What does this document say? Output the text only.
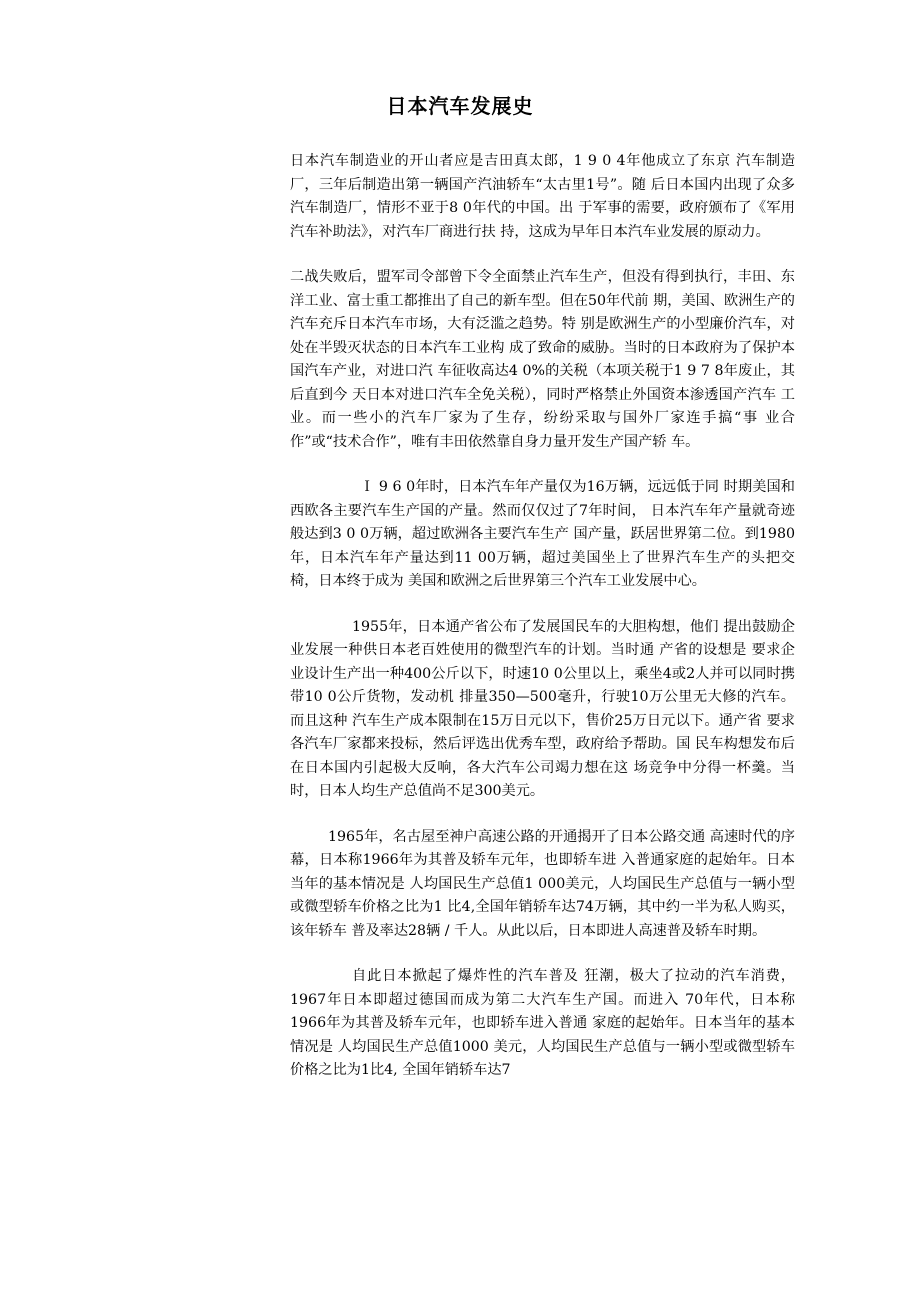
日本汽车发展史

日本汽车制造业的开山者应是吉田真太郎，1 9 0 4年他成立了东京 汽车制造厂，三年后制造出第一辆国产汽油轿车“太古里1号”。随 后日本国内出现了众多汽车制造厂，情形不亚于8 0年代的中国。出 于军事的需要，政府颁布了《军用汽车补助法》，对汽车厂商进行扶 持，这成为早年日本汽车业发展的原动力。

二战失败后，盟军司令部曾下令全面禁止汽车生产，但没有得到执行，丰田、东洋工业、富士重工都推出了自己的新车型。但在50年代前 期，美国、欧洲生产的汽车充斥日本汽车市场，大有泛滥之趋势。特 别是欧洲生产的小型廉价汽车，对处在半毁灭状态的日本汽车工业构 成了致命的威胁。当时的日本政府为了保护本国汽车产业，对进口汽 车征收高达4 0%的关税（本项关税于1 9 7 8年废止，其后直到今 天日本对进口汽车全免关税），同时严格禁止外国资本渗透国产汽车 工业。而一些小的汽车厂家为了生存，纷纷采取与国外厂家连手搞“事 业合作”或“技术合作”，唯有丰田依然靠自身力量开发生产国产轿 车。

Ｉ 9 6 0年时，日本汽车年产量仅为16万辆，远远低于同 时期美国和西欧各主要汽车生产国的产量。然而仅仅过了7年时间， 日本汽车年产量就奇迹般达到3 0 0万辆，超过欧洲各主要汽车生产 国产量，跃居世界第二位。到1980年，日本汽车年产量达到11 00万辆，超过美国坐上了世界汽车生产的头把交椅，日本终于成为 美国和欧洲之后世界第三个汽车工业发展中心。

1955年，日本通产省公布了发展国民车的大胆构想，他们 提出鼓励企业发展一种供日本老百姓使用的微型汽车的计划。当时通 产省的设想是 要求企业设计生产出一种400公斤以下，时速10 0公里以上，乘坐4或2人并可以同时携带10 0公斤货物，发动机 排量350—500毫升，行驶10万公里无大修的汽车。而且这种 汽车生产成本限制在15万日元以下，售价25万日元以下。通产省 要求各汽车厂家都来投标，然后评选出优秀车型，政府给予帮助。国 民车构想发布后在日本国内引起极大反响，各大汽车公司竭力想在这 场竞争中分得一杯羹。当时，日本人均生产总值尚不足300美元。

1965年，名古屋至神户高速公路的开通揭开了日本公路交通 高速时代的序幕，日本称1966年为其普及轿车元年，也即轿车进 入普通家庭的起始年。日本当年的基本情况是 人均国民生产总值1 000美元，人均国民生产总值与一辆小型或微型轿车价格之比为1 比4,全国年销轿车达74万辆，其中约一半为私人购买，该年轿车 普及率达28辆 / 千人。从此以后，日本即进人高速普及轿车时期。

自此日本掀起了爆炸性的汽车普及 狂潮，极大了拉动的汽车消费，1967年日本即超过德国而成为第二大汽车生产国。而进入 70年代，日本称1966年为其普及轿车元年，也即轿车进入普通 家庭的起始年。日本当年的基本情况是 人均国民生产总值1000 美元，人均国民生产总值与一辆小型或微型轿车价格之比为1比4, 全国年销轿车达7
